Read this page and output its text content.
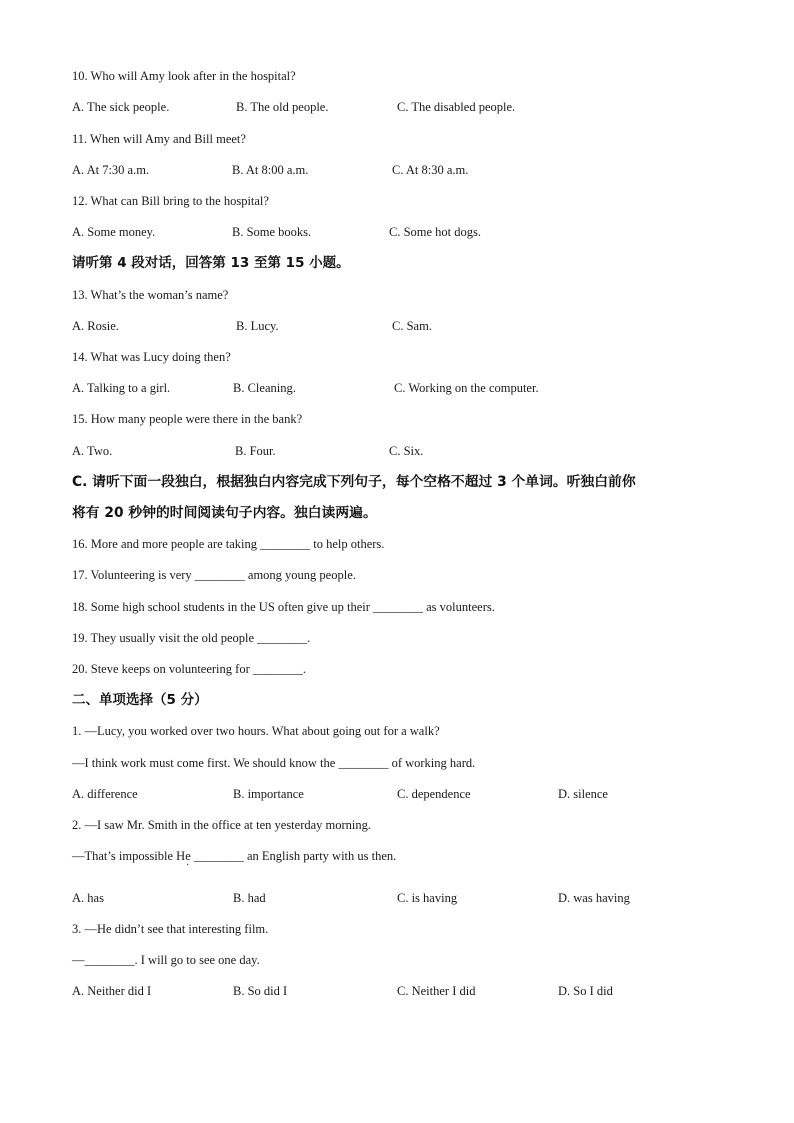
10. Who will Amy look after in the hospital?
A. The sick people.	B. The old people.	C. The disabled people.
11. When will Amy and Bill meet?
A. At 7:30 a.m.	B. At 8:00 a.m.	C. At 8:30 a.m.
12. What can Bill bring to the hospital?
A. Some money.	B. Some books.	C. Some hot dogs.
请听第 4 段对话，回答第 13 至第 15 小题。
13. What’s the woman’s name?
A. Rosie.	B. Lucy.	C. Sam.
14. What was Lucy doing then?
A. Talking to a girl.	B. Cleaning.	C. Working on the computer.
15. How many people were there in the bank?
A. Two.	B. Four.	C. Six.
C. 请听下面一段独白，根据独白内容完成下列句子，每个空格不超过 3 个单词。听独白前你
将有 20 秒钟的时间阅读句子内容。独白读两遍。
16. More and more people are taking ________ to help others.
17. Volunteering is very ________ among young people.
18. Some high school students in the US often give up their ________ as volunteers.
19. They usually visit the old people ________.
20. Steve keeps on volunteering for ________.
二、单项选择（5 分）
1. —Lucy, you worked over two hours. What about going out for a walk?
—I think work must come first. We should know the ________ of working hard.
A. difference	B. importance	C. dependence	D. silence
2. —I saw Mr. Smith in the office at ten yesterday morning.
—That’s impossible He ________ an English party with us then.
·
A. has	B. had	C. is having	D. was having
3. —He didn’t see that interesting film.
—________. I will go to see one day.
A. Neither did I	B. So did I	C. Neither I did	D. So I did
